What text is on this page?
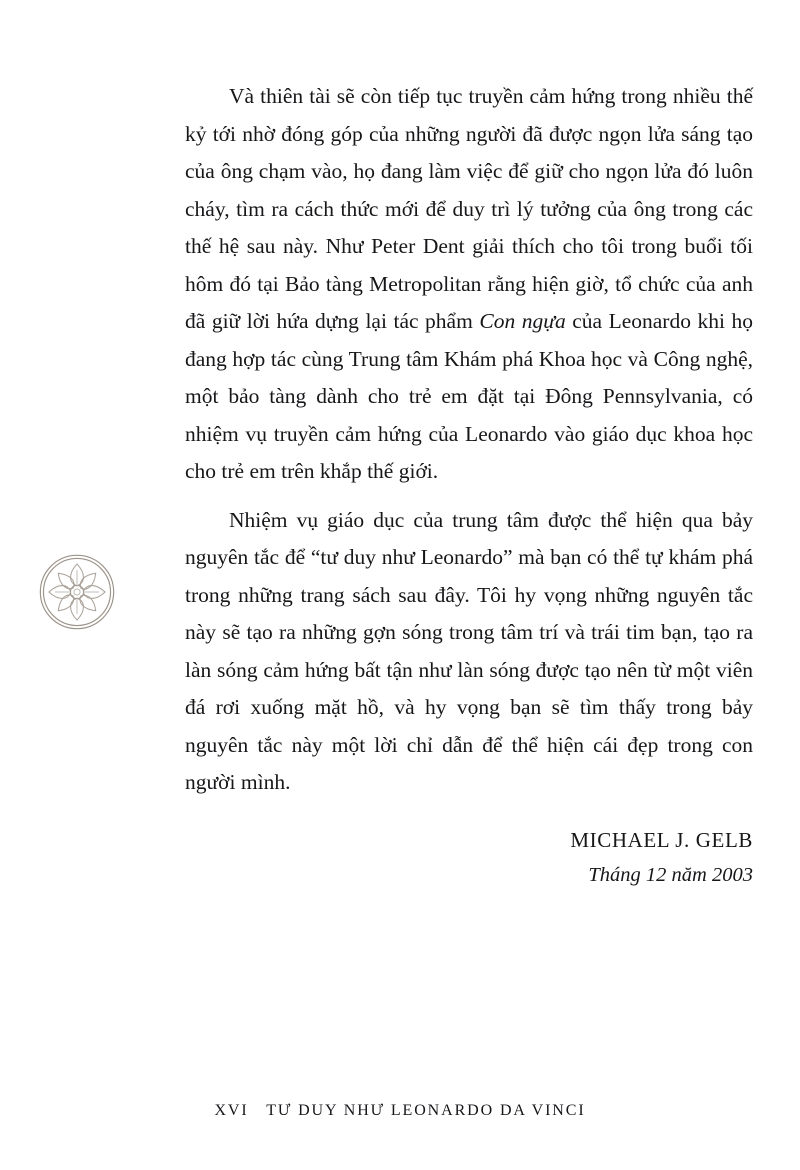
Và thiên tài sẽ còn tiếp tục truyền cảm hứng trong nhiều thế kỷ tới nhờ đóng góp của những người đã được ngọn lửa sáng tạo của ông chạm vào, họ đang làm việc để giữ cho ngọn lửa đó luôn cháy, tìm ra cách thức mới để duy trì lý tưởng của ông trong các thế hệ sau này. Như Peter Dent giải thích cho tôi trong buổi tối hôm đó tại Bảo tàng Metropolitan rằng hiện giờ, tổ chức của anh đã giữ lời hứa dựng lại tác phẩm Con ngựa của Leonardo khi họ đang hợp tác cùng Trung tâm Khám phá Khoa học và Công nghệ, một bảo tàng dành cho trẻ em đặt tại Đông Pennsylvania, có nhiệm vụ truyền cảm hứng của Leonardo vào giáo dục khoa học cho trẻ em trên khắp thế giới.

Nhiệm vụ giáo dục của trung tâm được thể hiện qua bảy nguyên tắc để “tư duy như Leonardo” mà bạn có thể tự khám phá trong những trang sách sau đây. Tôi hy vọng những nguyên tắc này sẽ tạo ra những gợn sóng trong tâm trí và trái tim bạn, tạo ra làn sóng cảm hứng bất tận như làn sóng được tạo nên từ một viên đá rơi xuống mặt hồ, và hy vọng bạn sẽ tìm thấy trong bảy nguyên tắc này một lời chỉ dẫn để thể hiện cái đẹp trong con người mình.

MICHAEL J. GELB
Tháng 12 năm 2003
XVI TƯ DUY NHƯ LEONARDO DA VINCI
